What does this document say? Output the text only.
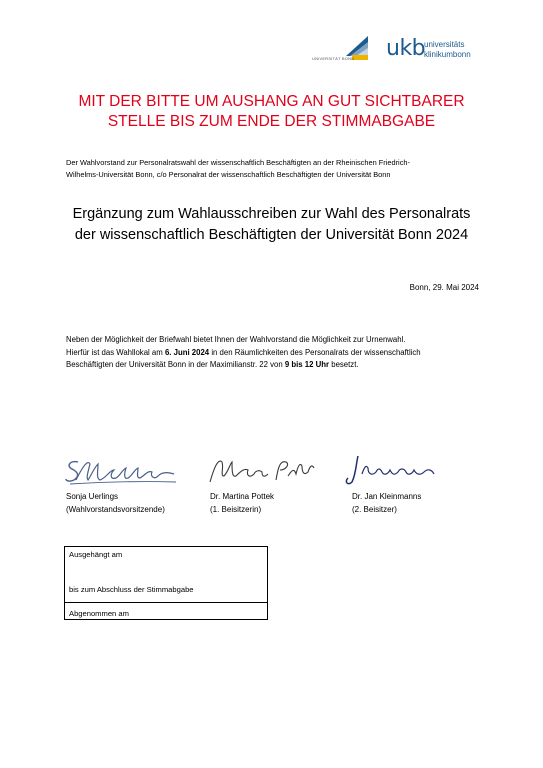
UNIVERSITÄT BONN ukb
universitäts
klinikumbonn
MIT DER BITTE UM AUSHANG AN GUT SICHTBARER
STELLE BIS ZUM ENDE DER STIMMABGABE
Der Wahlvorstand zur Personalratswahl der wissenschaftlich Beschäftigten an der Rheinischen Friedrich-
Wilhelms-Universität Bonn, c/o Personalrat der wissenschaftlich Beschäftigten der Universität Bonn
Ergänzung zum Wahlausschreiben zur Wahl des Personalrats
der wissenschaftlich Beschäftigten der Universität Bonn 2024
Bonn, 29. Mai 2024
Neben der Möglichkeit der Briefwahl bietet Ihnen der Wahlvorstand die Möglichkeit zur Urnenwahl.
Hierfür ist das Wahllokal am 6. Juni 2024 in den Räumlichkeiten des Personalrats der wissenschaftlich
Beschäftigten der Universität Bonn in der Maximilianstr. 22 von 9 bis 12 Uhr besetzt.
Sonja Uerlings
(Wahlvorstandsvorsitzende)
Dr. Martina Pottek
(1. Beisitzerin)
Dr. Jan Kleinmanns
(2. Beisitzer)
Ausgehängt am
bis zum Abschluss der Stimmabgabe
Abgenommen am
